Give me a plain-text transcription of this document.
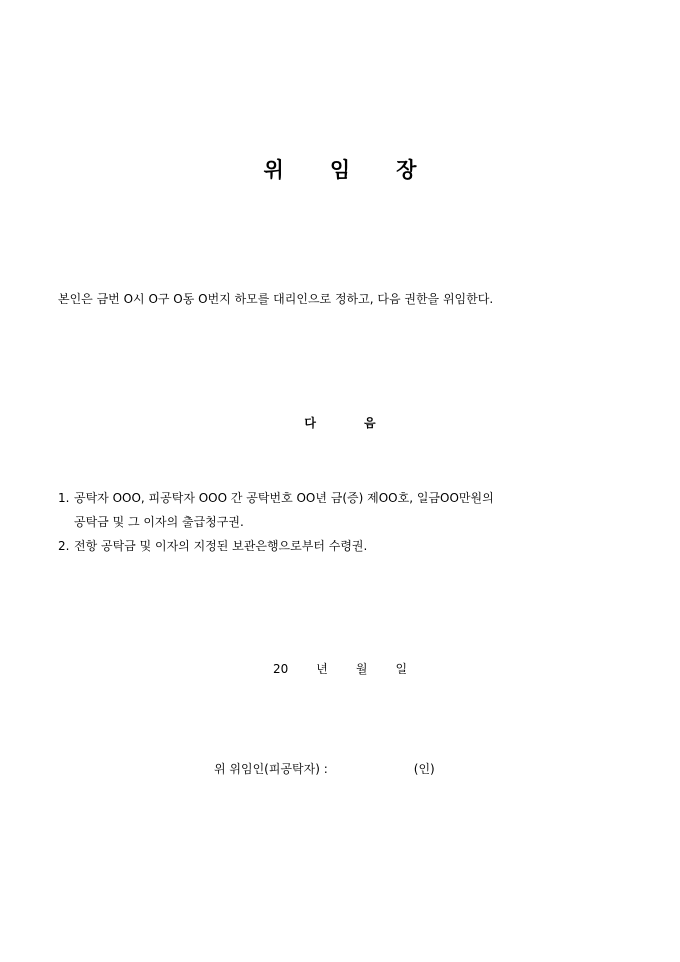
위 임 장
본인은 금번 O시 O구 O동 O번지 하모를 대리인으로 정하고, 다음 권한을 위임한다.
다	음
1. 공탁자 OOO, 피공탁자 OOO 간 공탁번호 OO년 금(증) 제OO호, 일금OO만원의
공탁금 및 그 이자의 출급청구권.
2. 전항 공탁금 및 이자의 지정된 보관은행으로부터 수령권.
20 년 월 일
위 위임인(피공탁자) :	(인)
